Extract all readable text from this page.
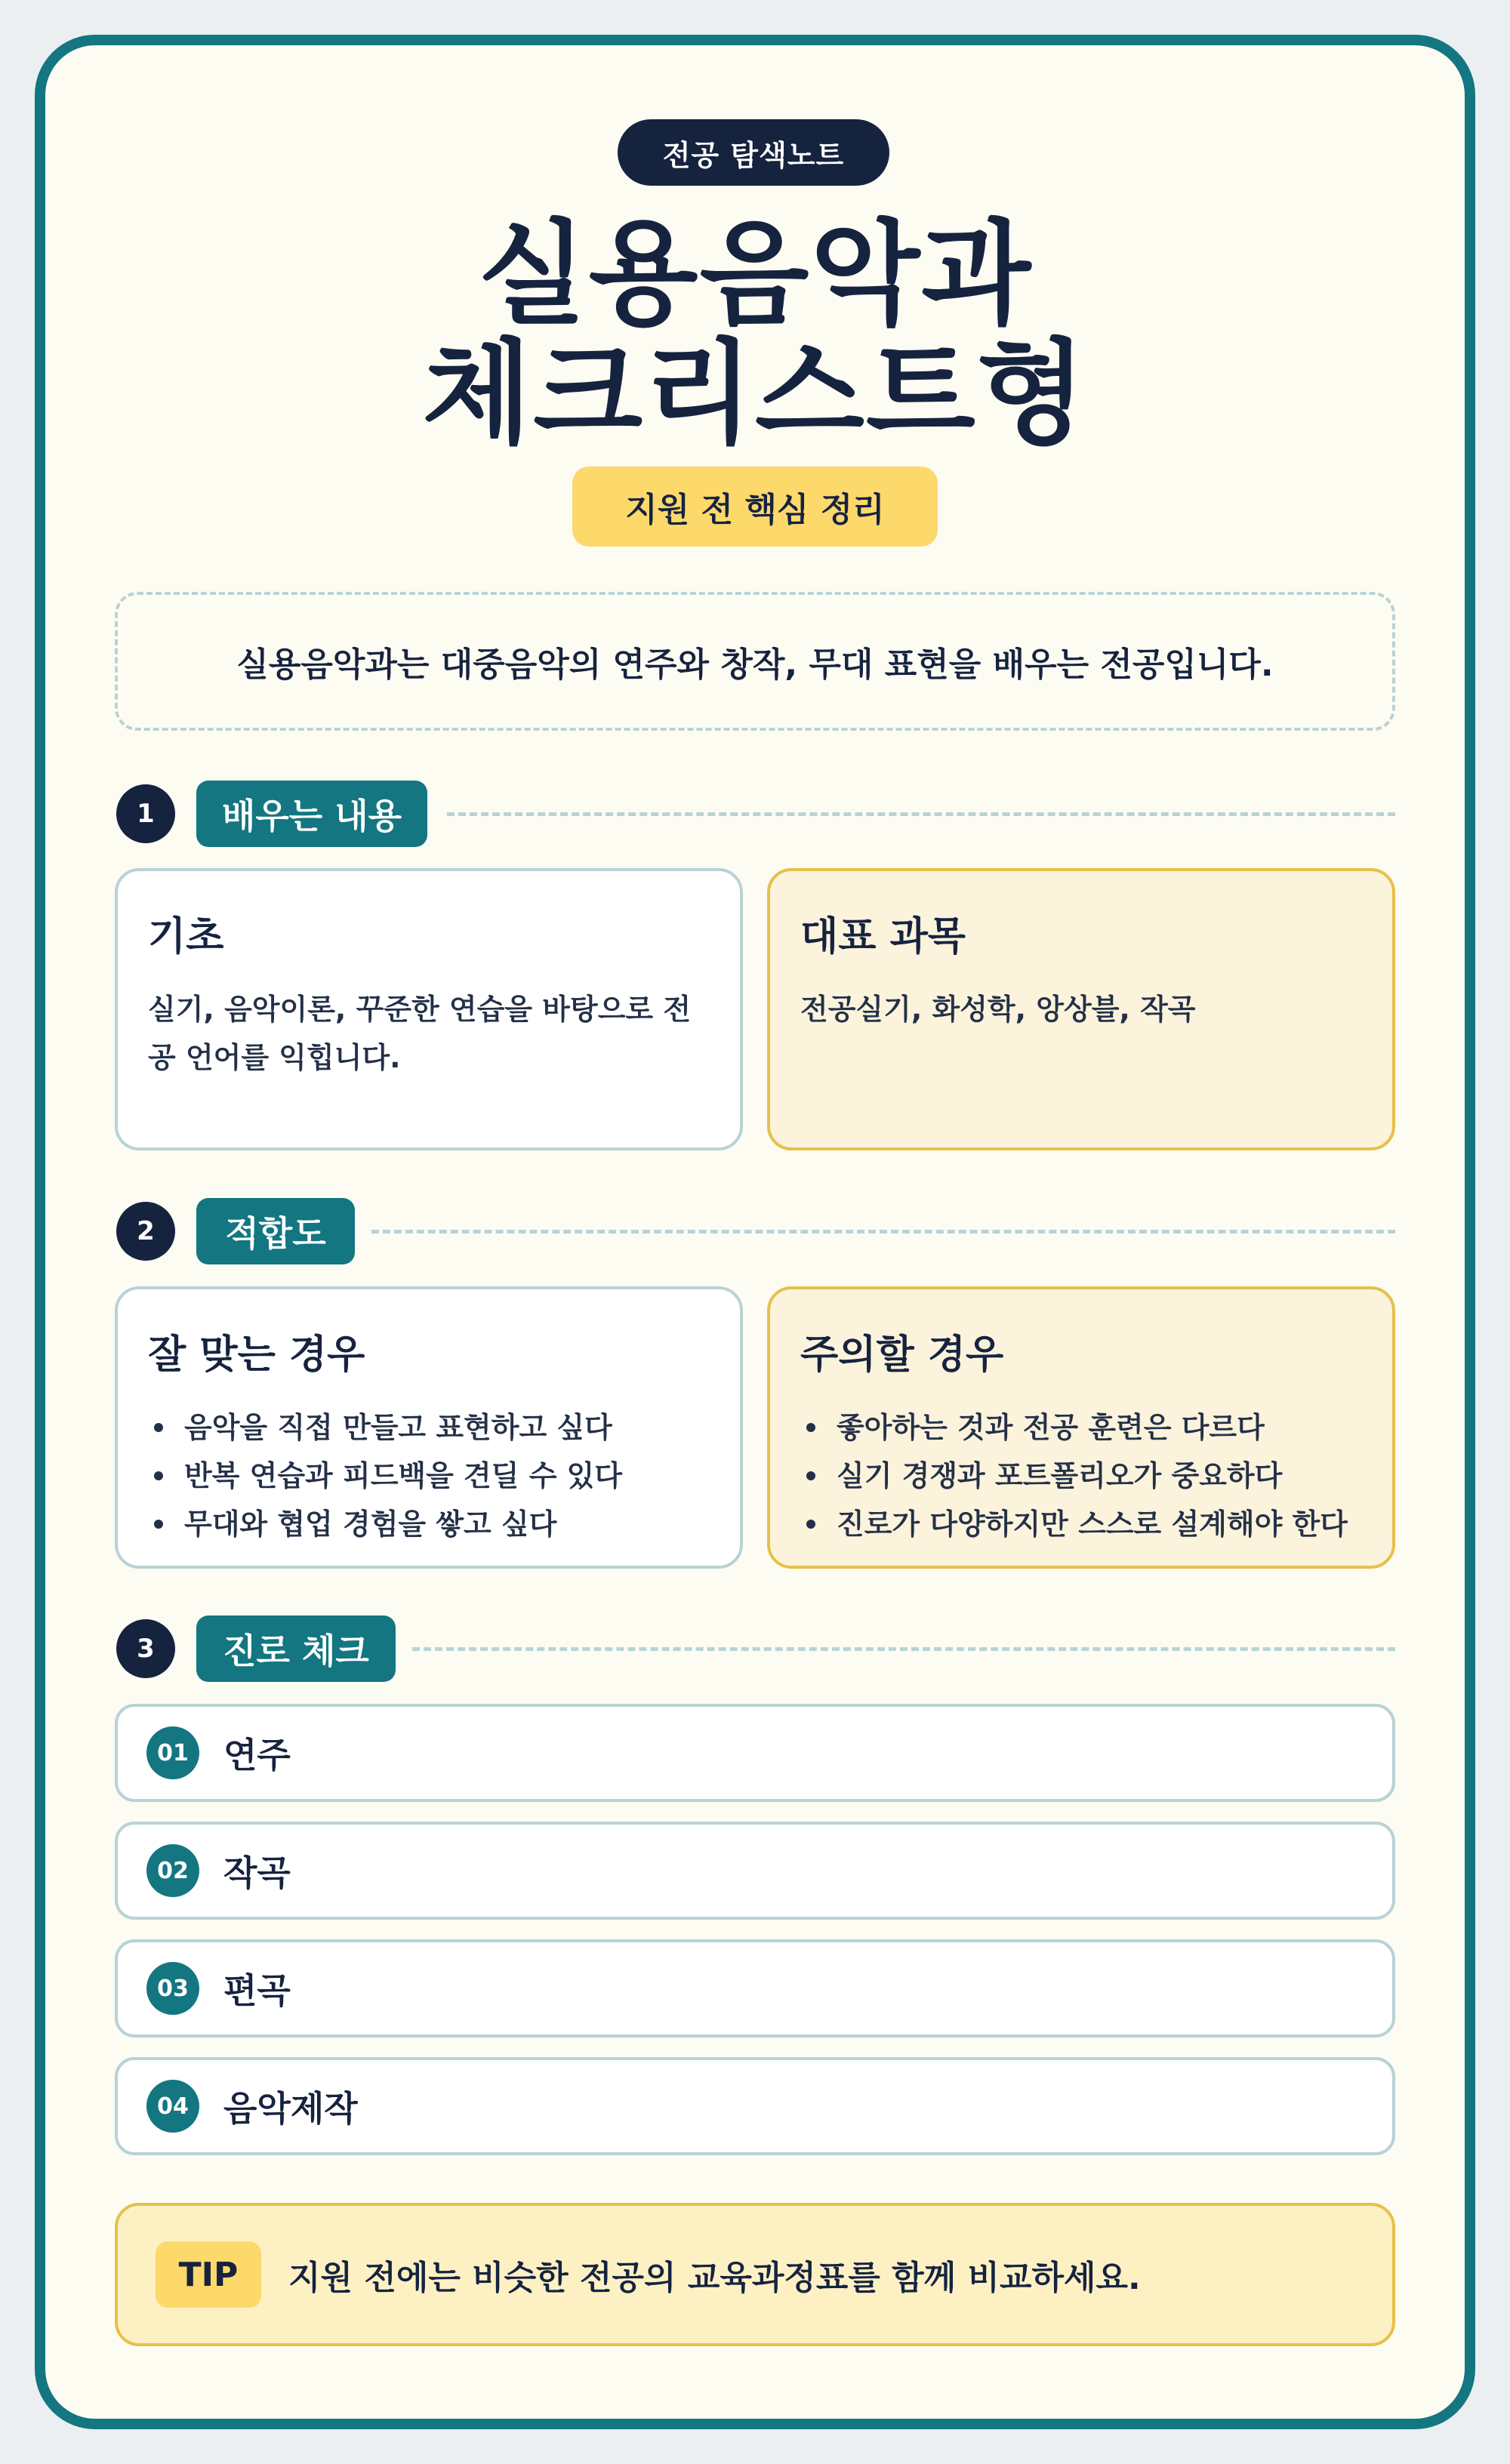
전공 탐색노트
실용음악과
체크리스트형
지원 전 핵심 정리
실용음악과는 대중음악의 연주와 창작, 무대 표현을 배우는 전공입니다.
1	배우는 내용
기초

실기, 음악이론, 꾸준한 연습을 바탕으로 전공 언어를 익힙니다.

대표 과목

전공실기, 화성학, 앙상블, 작곡

2	적합도
잘 맞는 경우
음악을 직접 만들고 표현하고 싶다
반복 연습과 피드백을 견딜 수 있다
무대와 협업 경험을 쌓고 싶다
주의할 경우
좋아하는 것과 전공 훈련은 다르다
실기 경쟁과 포트폴리오가 중요하다
진로가 다양하지만 스스로 설계해야 한다
3	진로 체크
01	연주
02	작곡
03	편곡
04	음악제작
TIP	지원 전에는 비슷한 전공의 교육과정표를 함께 비교하세요.
